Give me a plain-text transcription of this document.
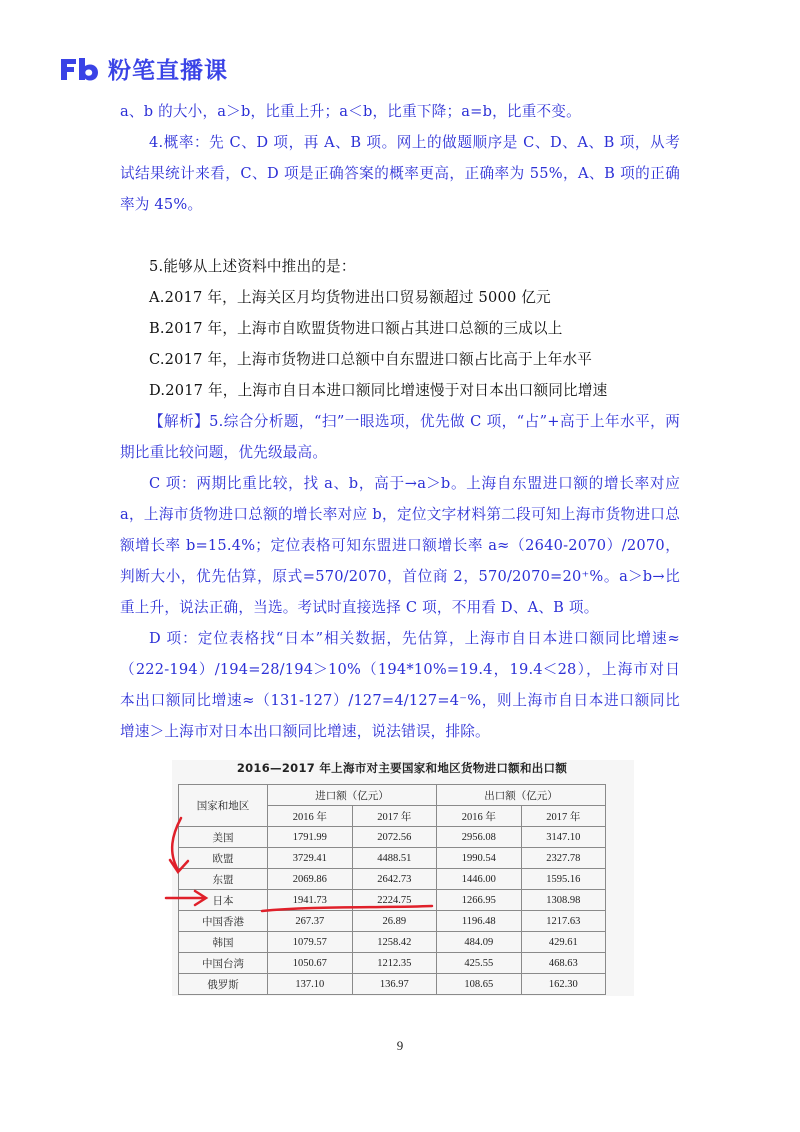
粉笔直播课

a、b 的大小，a＞b，比重上升；a＜b，比重下降；a=b，比重不变。

4.概率：先 C、D 项，再 A、B 项。网上的做题顺序是 C、D、A、B 项，从考试结果统计来看，C、D 项是正确答案的概率更高，正确率为 55%，A、B 项的正确率为 45%。

5.能够从上述资料中推出的是：

A.2017 年，上海关区月均货物进出口贸易额超过 5000 亿元

B.2017 年，上海市自欧盟货物进口额占其进口总额的三成以上

C.2017 年，上海市货物进口总额中自东盟进口额占比高于上年水平

D.2017 年，上海市自日本进口额同比增速慢于对日本出口额同比增速

【解析】5.综合分析题，“扫”一眼选项，优先做 C 项，“占”+高于上年水平，两期比重比较问题，优先级最高。

C 项：两期比重比较，找 a、b，高于→a＞b。上海自东盟进口额的增长率对应 a，上海市货物进口总额的增长率对应 b，定位文字材料第二段可知上海市货物进口总额增长率 b=15.4%；定位表格可知东盟进口额增长率 a≈（2640-2070）/2070，判断大小，优先估算，原式=570/2070，首位商 2，570/2070=20⁺%。a＞b→比重上升，说法正确，当选。考试时直接选择 C 项，不用看 D、A、B 项。

D 项：定位表格找“日本”相关数据，先估算，上海市自日本进口额同比增速≈（222-194）/194=28/194＞10%（194*10%=19.4，19.4＜28），上海市对日本出口额同比增速≈（131-127）/127=4/127=4⁻%，则上海市自日本进口额同比增速＞上海市对日本出口额同比增速，说法错误，排除。

2016—2017 年上海市对主要国家和地区货物进口额和出口额
国家和地区	进口额（亿元）		出口额（亿元）	
	2016 年	2017 年	2016 年	2017 年
美国	1791.99	2072.56	2956.08	3147.10
欧盟	3729.41	4488.51	1990.54	2327.78
东盟	2069.86	2642.73	1446.00	1595.16
日本	1941.73	2224.75	1266.95	1308.98
中国香港	267.37	26.89	1196.48	1217.63
韩国	1079.57	1258.42	484.09	429.61
中国台湾	1050.67	1212.35	425.55	468.63
俄罗斯	137.10	136.97	108.65	162.30
9
